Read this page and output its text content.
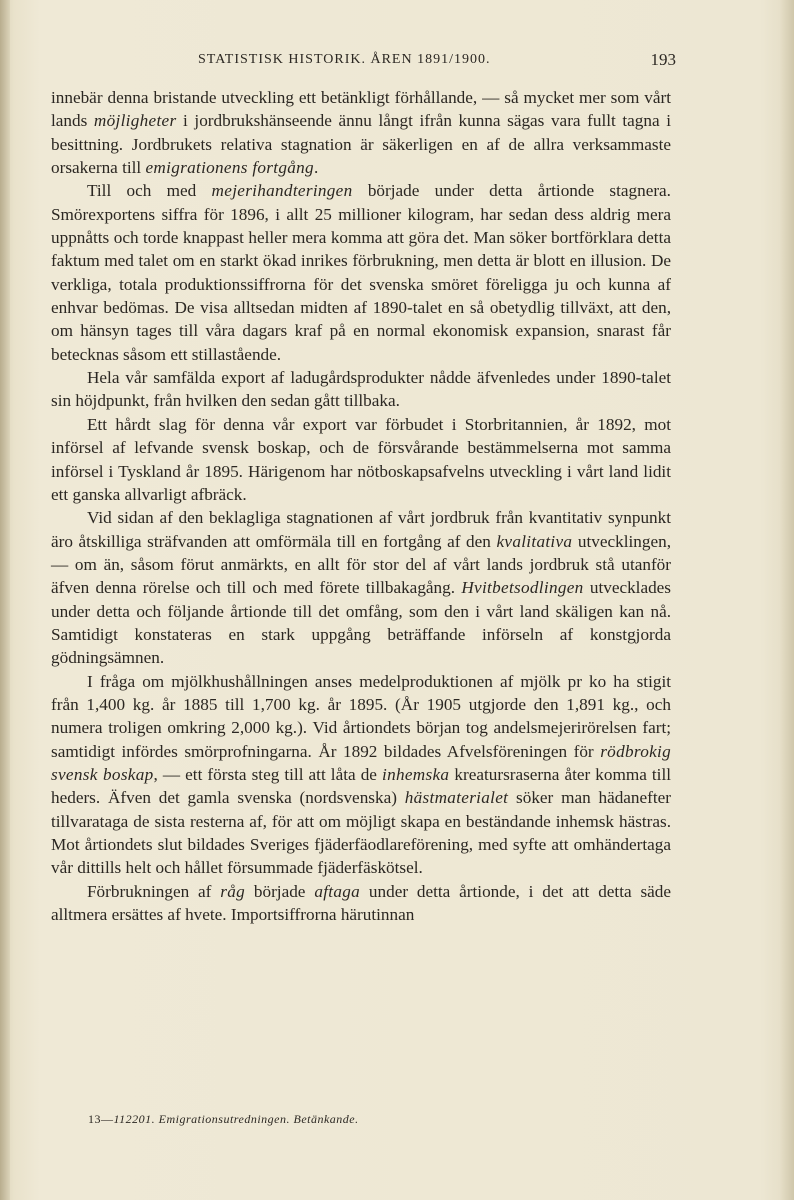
STATISTISK HISTORIK. ÅREN 1891/1900.	193

innebär denna bristande utveckling ett betänkligt förhållande, — så mycket mer som vårt lands möjligheter i jordbrukshänseende ännu långt ifrån kunna sägas vara fullt tagna i besittning. Jordbrukets relativa stagnation är säkerligen en af de allra verksammaste orsakerna till emigrationens fortgång.

Till och med mejerihandteringen började under detta årtionde stagnera. Smörexportens siffra för 1896, i allt 25 millioner kilogram, har sedan dess aldrig mera uppnåtts och torde knappast heller mera komma att göra det. Man söker bortförklara detta faktum med talet om en starkt ökad inrikes förbrukning, men detta är blott en illusion. De verkliga, totala produktionssiffrorna för det svenska smöret föreligga ju och kunna af enhvar bedömas. De visa alltsedan midten af 1890-talet en så obetydlig tillväxt, att den, om hänsyn tages till våra dagars kraf på en normal ekonomisk expansion, snarast får betecknas såsom ett stillastående.

Hela vår samfälda export af ladugårdsprodukter nådde äfvenledes under 1890-talet sin höjdpunkt, från hvilken den sedan gått tillbaka.

Ett hårdt slag för denna vår export var förbudet i Storbritannien, år 1892, mot införsel af lefvande svensk boskap, och de försvårande bestämmelserna mot samma införsel i Tyskland år 1895. Härigenom har nötboskapsafvelns utveckling i vårt land lidit ett ganska allvarligt afbräck.

Vid sidan af den beklagliga stagnationen af vårt jordbruk från kvantitativ synpunkt äro åtskilliga sträfvanden att omförmäla till en fortgång af den kvalitativa utvecklingen, — om än, såsom förut anmärkts, en allt för stor del af vårt lands jordbruk stå utanför äfven denna rörelse och till och med förete tillbakagång. Hvitbetsodlingen utvecklades under detta och följande årtionde till det omfång, som den i vårt land skäligen kan nå. Samtidigt konstateras en stark uppgång beträffande införseln af konstgjorda gödningsämnen.

I fråga om mjölkhushållningen anses medelproduktionen af mjölk pr ko ha stigit från 1,400 kg. år 1885 till 1,700 kg. år 1895. (År 1905 utgjorde den 1,891 kg., och numera troligen omkring 2,000 kg.). Vid årtiondets början tog andelsmejerirörelsen fart; samtidigt infördes smörprofningarna. År 1892 bildades Afvelsföreningen för rödbrokig svensk boskap, — ett första steg till att låta de inhemska kreatursraserna åter komma till heders. Äfven det gamla svenska (nordsvenska) hästmaterialet söker man hädanefter tillvarataga de sista resterna af, för att om möjligt skapa en beständande inhemsk hästras. Mot årtiondets slut bildades Sveriges fjäderfäodlareförening, med syfte att omhändertaga vår dittills helt och hållet försummade fjäderfäskötsel.

Förbrukningen af råg började aftaga under detta årtionde, i det att detta säde alltmera ersättes af hvete. Importsiffrorna härutinnan

13—112201. Emigrationsutredningen. Betänkande.
